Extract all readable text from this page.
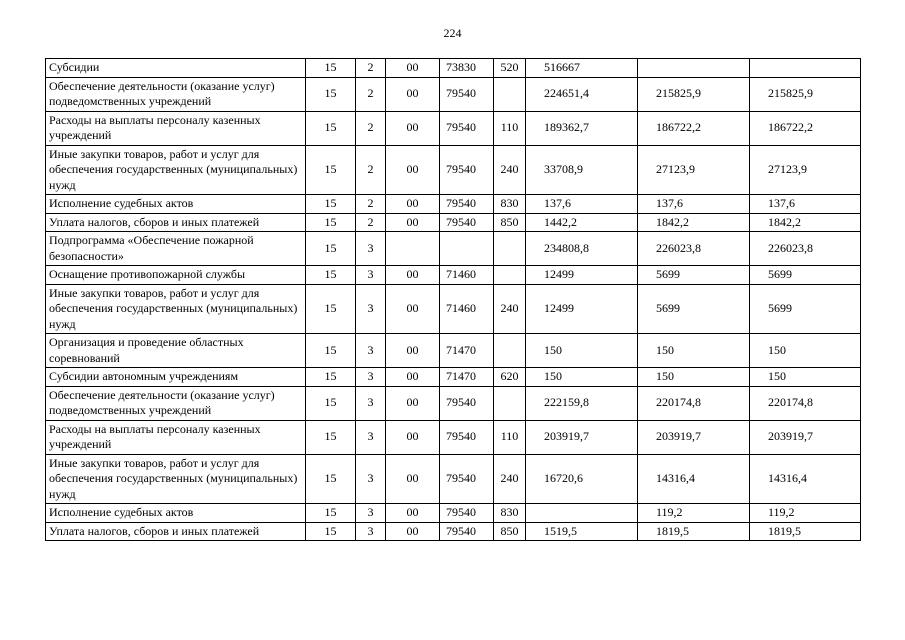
224
Субсидии	15	2	00	73830	520	516667		
Обеспечение деятельности (оказание услуг) подведомственных учреждений	15	2	00	79540		224651,4	215825,9	215825,9
Расходы на выплаты персоналу казенных учреждений	15	2	00	79540	110	189362,7	186722,2	186722,2
Иные закупки товаров, работ и услуг для обеспечения государственных (муниципальных) нужд	15	2	00	79540	240	33708,9	27123,9	27123,9
Исполнение судебных актов	15	2	00	79540	830	137,6	137,6	137,6
Уплата налогов, сборов и иных платежей	15	2	00	79540	850	1442,2	1842,2	1842,2
Подпрограмма «Обеспечение пожарной безопасности»	15	3				234808,8	226023,8	226023,8
Оснащение противопожарной службы	15	3	00	71460		12499	5699	5699
Иные закупки товаров, работ и услуг для обеспечения государственных (муниципальных) нужд	15	3	00	71460	240	12499	5699	5699
Организация и проведение областных соревнований	15	3	00	71470		150	150	150
Субсидии автономным учреждениям	15	3	00	71470	620	150	150	150
Обеспечение деятельности (оказание услуг) подведомственных учреждений	15	3	00	79540		222159,8	220174,8	220174,8
Расходы на выплаты персоналу казенных учреждений	15	3	00	79540	110	203919,7	203919,7	203919,7
Иные закупки товаров, работ и услуг для обеспечения государственных (муниципальных) нужд	15	3	00	79540	240	16720,6	14316,4	14316,4
Исполнение судебных актов	15	3	00	79540	830		119,2	119,2
Уплата налогов, сборов и иных платежей	15	3	00	79540	850	1519,5	1819,5	1819,5
